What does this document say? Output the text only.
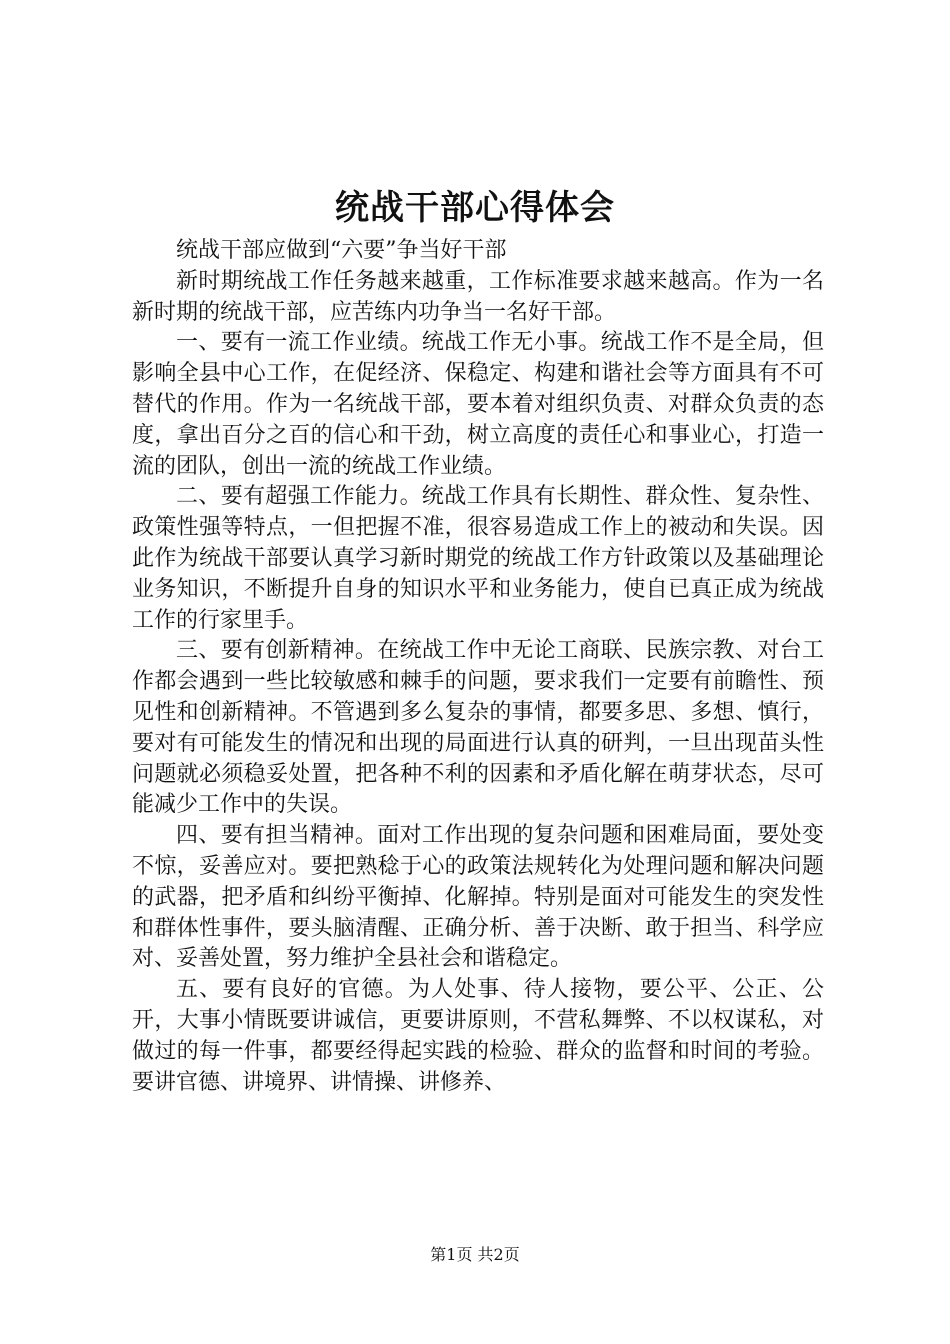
统战干部心得体会

统战干部应做到“六要”争当好干部

新时期统战工作任务越来越重，工作标准要求越来越高。作为一名新时期的统战干部，应苦练内功争当一名好干部。

一、要有一流工作业绩。统战工作无小事。统战工作不是全局，但影响全县中心工作，在促经济、保稳定、构建和谐社会等方面具有不可替代的作用。作为一名统战干部，要本着对组织负责、对群众负责的态度，拿出百分之百的信心和干劲，树立高度的责任心和事业心，打造一流的团队，创出一流的统战工作业绩。

二、要有超强工作能力。统战工作具有长期性、群众性、复杂性、政策性强等特点，一但把握不准，很容易造成工作上的被动和失误。因此作为统战干部要认真学习新时期党的统战工作方针政策以及基础理论业务知识，不断提升自身的知识水平和业务能力，使自已真正成为统战工作的行家里手。

三、要有创新精神。在统战工作中无论工商联、民族宗教、对台工作都会遇到一些比较敏感和棘手的问题，要求我们一定要有前瞻性、预见性和创新精神。不管遇到多么复杂的事情，都要多思、多想、慎行，要对有可能发生的情况和出现的局面进行认真的研判，一旦出现苗头性问题就必须稳妥处置，把各种不利的因素和矛盾化解在萌芽状态，尽可能减少工作中的失误。

四、要有担当精神。面对工作出现的复杂问题和困难局面，要处变不惊，妥善应对。要把熟稔于心的政策法规转化为处理问题和解决问题的武器，把矛盾和纠纷平衡掉、化解掉。特别是面对可能发生的突发性和群体性事件，要头脑清醒、正确分析、善于决断、敢于担当、科学应对、妥善处置，努力维护全县社会和谐稳定。

五、要有良好的官德。为人处事、待人接物，要公平、公正、公开，大事小情既要讲诚信，更要讲原则，不营私舞弊、不以权谋私，对做过的每一件事，都要经得起实践的检验、群众的监督和时间的考验。要讲官德、讲境界、讲情操、讲修养、

第1页 共2页
